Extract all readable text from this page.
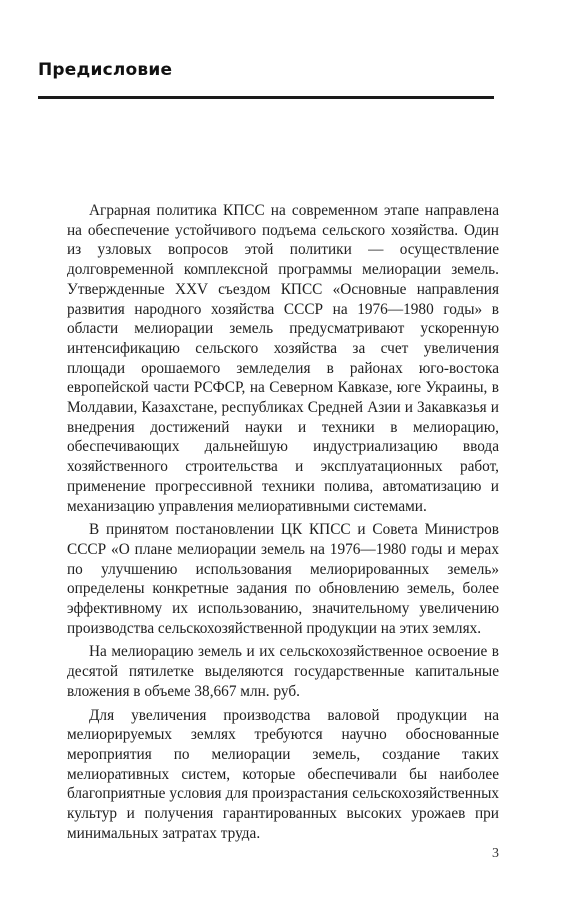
Предисловие

Аграрная политика КПСС на современном этапе направлена на обеспечение устойчивого подъема сельского хозяйства. Один из узловых вопросов этой политики — осуществление долговременной комплексной программы мелиорации земель. Утвержденные XXV съездом КПСС «Основные направления развития народного хозяйства СССР на 1976—1980 годы» в области мелиорации земель предусматривают ускоренную интенсификацию сельского хозяйства за счет увеличения площади орошаемого земледелия в районах юго-востока европейской части РСФСР, на Северном Кавказе, юге Украины, в Молдавии, Казахстане, республиках Средней Азии и Закавказья и внедрения достижений науки и техники в мелиорацию, обеспечивающих дальнейшую индустриализацию ввода хозяйственного строительства и эксплуатационных работ, применение прогрессивной техники полива, автоматизацию и механизацию управления мелиоративными системами.

В принятом постановлении ЦК КПСС и Совета Министров СССР «О плане мелиорации земель на 1976—1980 годы и мерах по улучшению использования мелиорированных земель» определены конкретные задания по обновлению земель, более эффективному их использованию, значительному увеличению производства сельскохозяйственной продукции на этих землях.

На мелиорацию земель и их сельскохозяйственное освоение в десятой пятилетке выделяются государственные капитальные вложения в объеме 38,667 млн. руб.

Для увеличения производства валовой продукции на мелиорируемых землях требуются научно обоснованные мероприятия по мелиорации земель, создание таких мелиоративных систем, которые обеспечивали бы наиболее благоприятные условия для произрастания сельскохозяйственных культур и получения гарантированных высоких урожаев при минимальных затратах труда.

3
